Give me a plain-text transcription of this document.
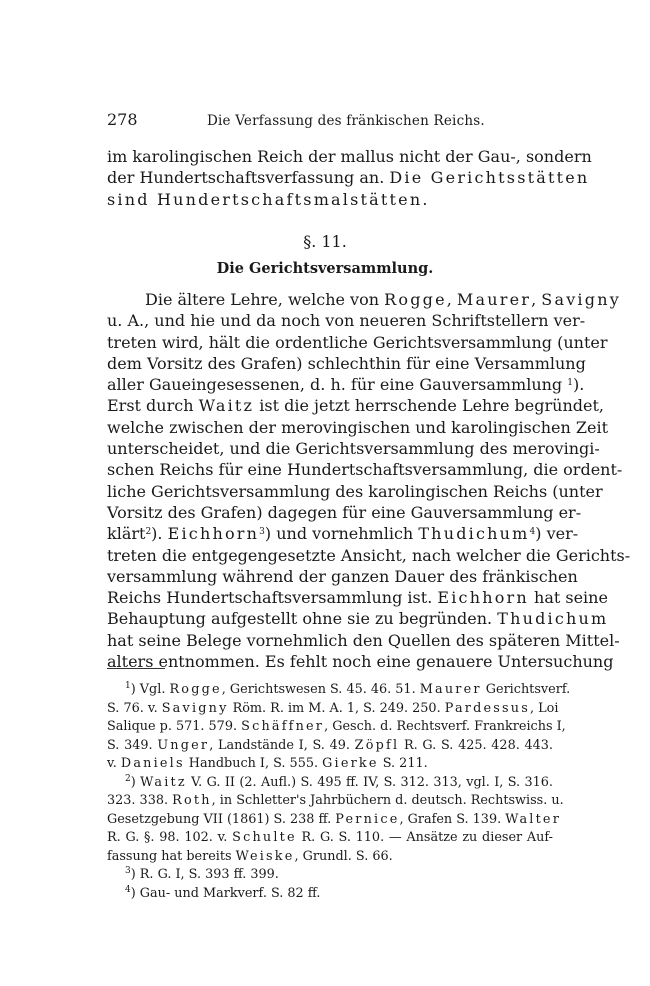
278	Die Verfassung des fränkischen Reichs.
im karolingischen Reich der mallus nicht der Gau-, sondern
der Hundertschaftsverfassung an. Die Gerichtsstätten
sind Hundertschaftsmalstätten.
§. 11.
Die Gerichtsversammlung.
Die ältere Lehre, welche von Rogge, Maurer, Savigny
u. A., und hie und da noch von neueren Schriftstellern ver-
treten wird, hält die ordentliche Gerichtsversammlung (unter
dem Vorsitz des Grafen) schlechthin für eine Versammlung
aller Gaueingesessenen, d. h. für eine Gauversammlung $^1$).
Erst durch Waitz ist die jetzt herrschende Lehre begründet,
welche zwischen der merovingischen und karolingischen Zeit
unterscheidet, und die Gerichtsversammlung des merovingi-
schen Reichs für eine Hundertschaftsversammlung, die ordent-
liche Gerichtsversammlung des karolingischen Reichs (unter
Vorsitz des Grafen) dagegen für eine Gauversammlung er-
klärt$^2$). Eichhorn$^3$) und vornehmlich Thudichum$^4$) ver-
treten die entgegengesetzte Ansicht, nach welcher die Gerichts-
versammlung während der ganzen Dauer des fränkischen
Reichs Hundertschaftsversammlung ist. Eichhorn hat seine
Behauptung aufgestellt ohne sie zu begründen. Thudichum
hat seine Belege vornehmlich den Quellen des späteren Mittel-
alters entnommen. Es fehlt noch eine genauere Untersuchung
$^1$) Vgl. Rogge, Gerichtswesen S. 45. 46. 51. Maurer Gerichtsverf.
S. 76. v. Savigny Röm. R. im M. A. 1, S. 249. 250. Pardessus, Loi
Salique p. 571. 579. Schäffner, Gesch. d. Rechtsverf. Frankreichs I,
S. 349. Unger, Landstände I, S. 49. Zöpfl R. G. S. 425. 428. 443.
v. Daniels Handbuch I, S. 555. Gierke S. 211.
$^2$) Waitz V. G. II (2. Aufl.) S. 495 ff. IV, S. 312. 313, vgl. I, S. 316.
323. 338. Roth, in Schletter's Jahrbüchern d. deutsch. Rechtswiss. u.
Gesetzgebung VII (1861) S. 238 ff. Pernice, Grafen S. 139. Walter
R. G. §. 98. 102. v. Schulte R. G. S. 110. — Ansätze zu dieser Auf-
fassung hat bereits Weiske, Grundl. S. 66.
$^3$) R. G. I, S. 393 ff. 399.
$^4$) Gau- und Markverf. S. 82 ff.
